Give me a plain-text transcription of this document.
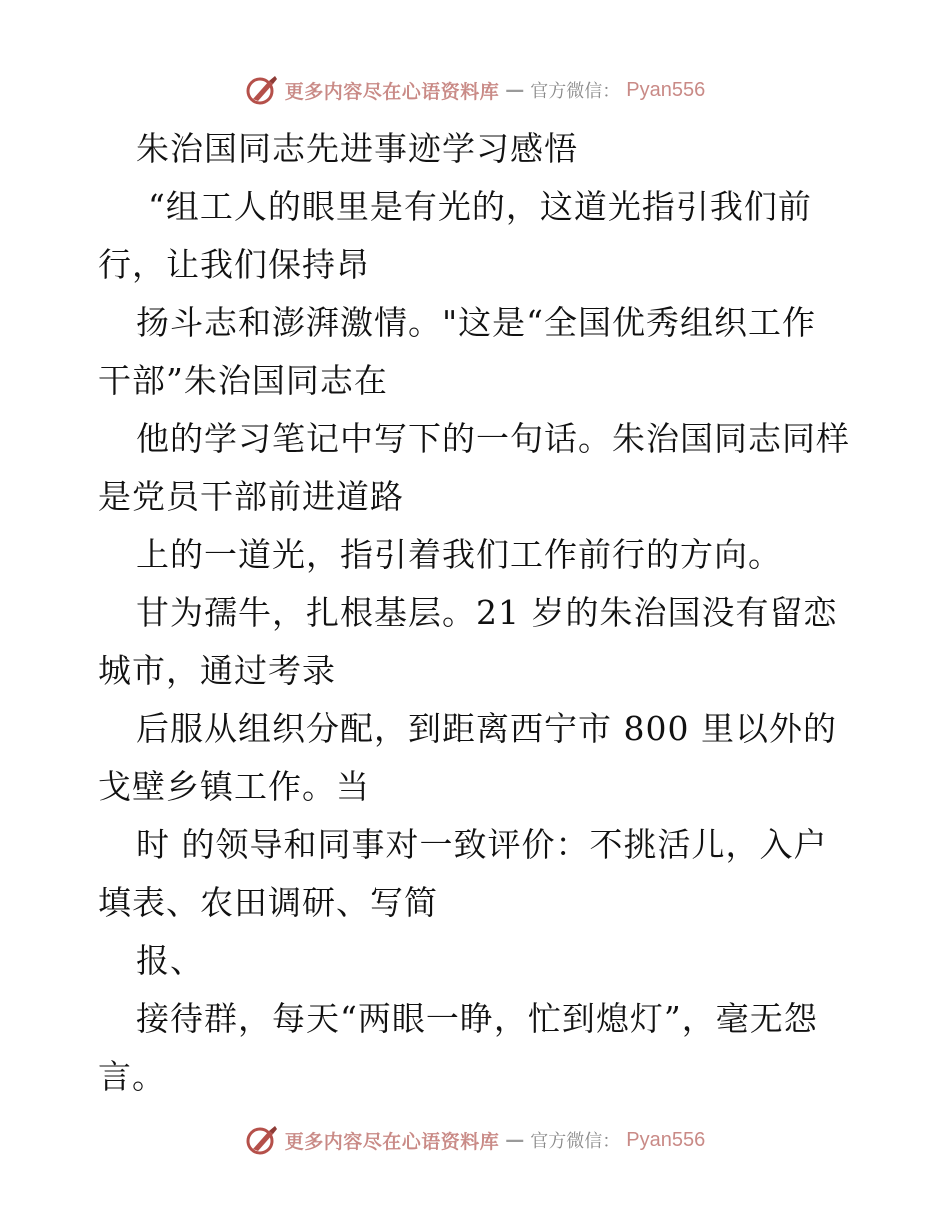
更多内容尽在心语资料库 — 官方微信： Pyan556
朱治国同志先进事迹学习感悟
“组工人的眼里是有光的，这道光指引我们前
行，让我们保持昂
扬斗志和澎湃激情。"这是“全国优秀组织工作
干部”朱治国同志在
他的学习笔记中写下的一句话。朱治国同志同样
是党员干部前进道路
上的一道光，指引着我们工作前行的方向。
甘为孺牛，扎根基层。21 岁的朱治国没有留恋
城市，通过考录
后服从组织分配，到距离西宁市 800 里以外的
戈壁乡镇工作。当
时 的领导和同事对一致评价：不挑活儿，入户
填表、农田调研、写简
报、
接待群，每天“两眼一睁，忙到熄灯”，毫无怨
言。
更多内容尽在心语资料库 — 官方微信： Pyan556
